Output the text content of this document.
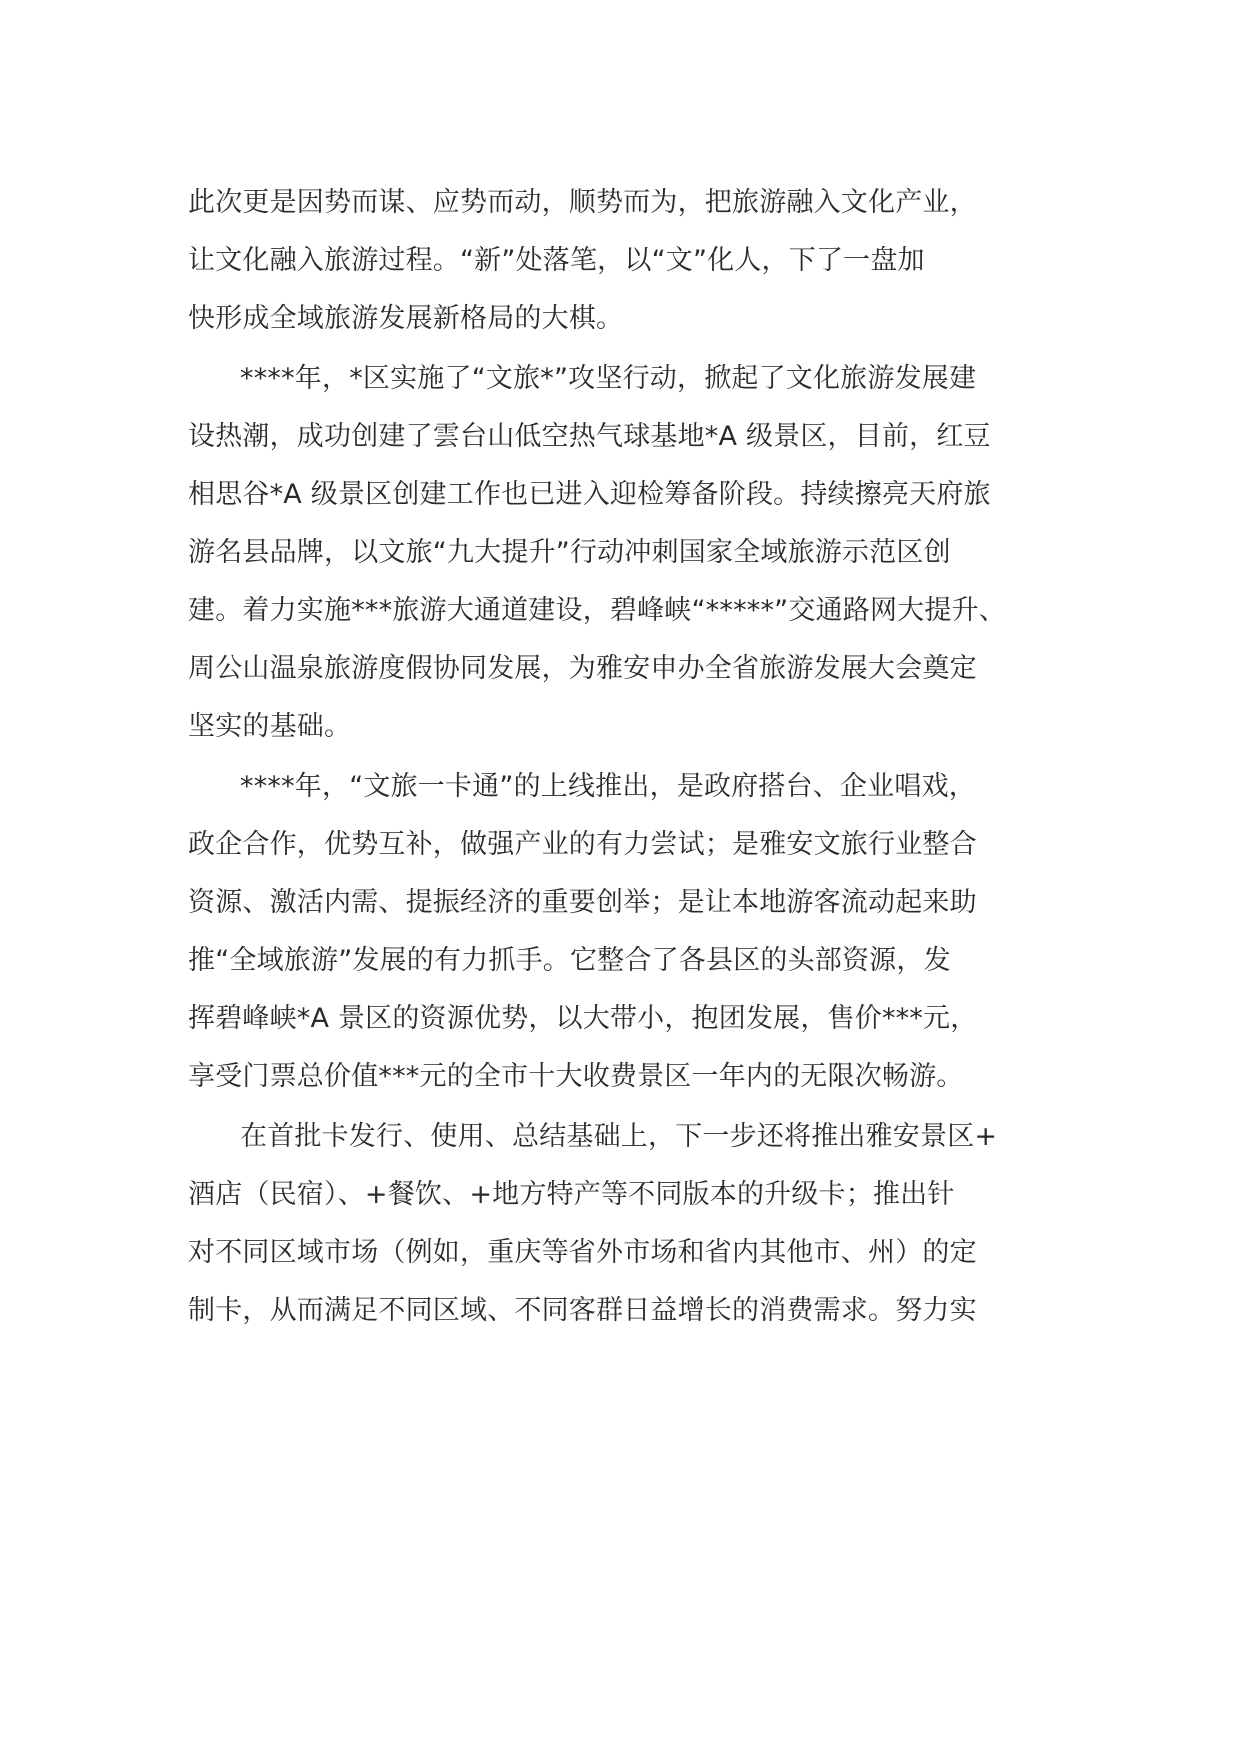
此次更是因势而谋、应势而动，顺势而为，把旅游融入文化产业，
让文化融入旅游过程。“新”处落笔，以“文”化人，下了一盘加
快形成全域旅游发展新格局的大棋。
****年，*区实施了“文旅*”攻坚行动，掀起了文化旅游发展建
设热潮，成功创建了雲台山低空热气球基地*A 级景区，目前，红豆
相思谷*A 级景区创建工作也已进入迎检筹备阶段。持续擦亮天府旅
游名县品牌，以文旅“九大提升”行动冲刺国家全域旅游示范区创
建。着力实施***旅游大通道建设，碧峰峡“*****”交通路网大提升、
周公山温泉旅游度假协同发展，为雅安申办全省旅游发展大会奠定
坚实的基础。
****年，“文旅一卡通”的上线推出，是政府搭台、企业唱戏，
政企合作，优势互补，做强产业的有力尝试；是雅安文旅行业整合
资源、激活内需、提振经济的重要创举；是让本地游客流动起来助
推“全域旅游”发展的有力抓手。它整合了各县区的头部资源，发
挥碧峰峡*A 景区的资源优势，以大带小，抱团发展，售价***元，
享受门票总价值***元的全市十大收费景区一年内的无限次畅游。
在首批卡发行、使用、总结基础上，下一步还将推出雅安景区+
酒店（民宿）、+餐饮、+地方特产等不同版本的升级卡；推出针
对不同区域市场（例如，重庆等省外市场和省内其他市、州）的定
制卡，从而满足不同区域、不同客群日益增长的消费需求。努力实
